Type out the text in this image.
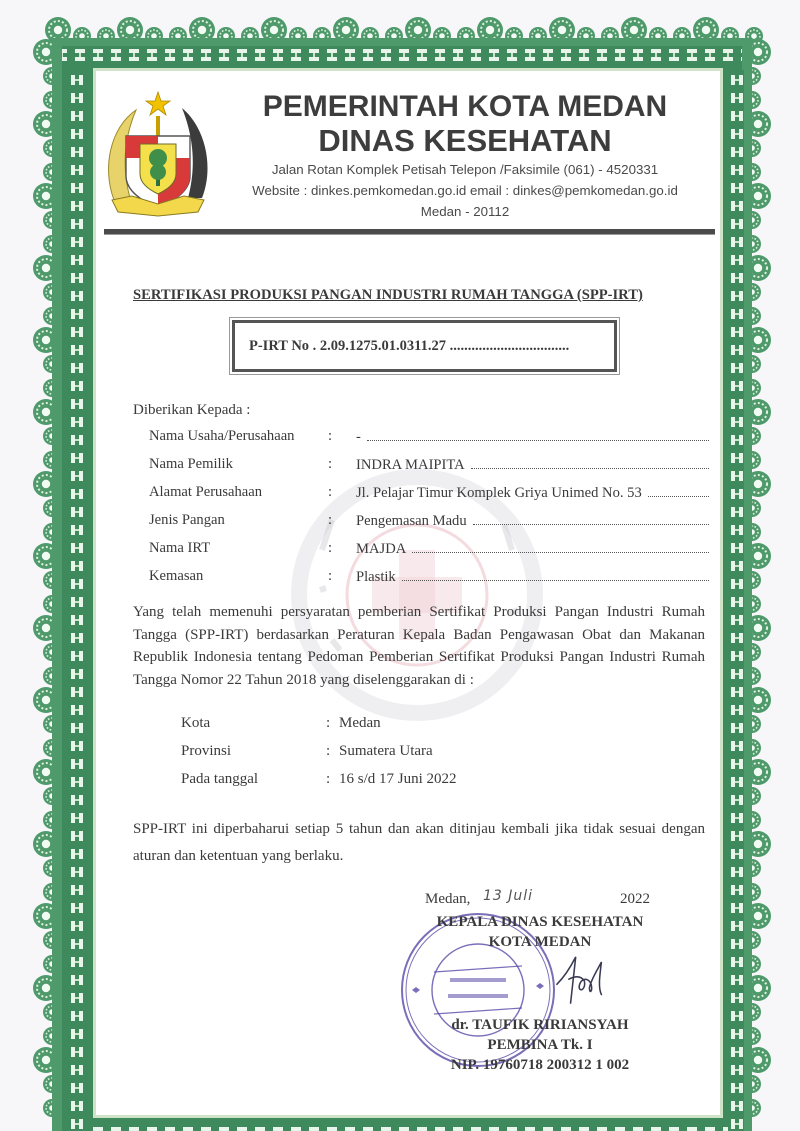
PEMERINTAH KOTA MEDAN
DINAS KESEHATAN
Jalan Rotan Komplek Petisah Telepon /Faksimile (061) - 4520331
Website : dinkes.pemkomedan.go.id email : dinkes@pemkomedan.go.id
Medan - 20112
SERTIFIKASI PRODUKSI PANGAN INDUSTRI RUMAH TANGGA (SPP-IRT)
P-IRT No . 2.09.1275.01.0311.27 .................................
Diberikan Kepada :
Nama Usaha/Perusahaan	:	-
Nama Pemilik	:	INDRA MAIPITA
Alamat Perusahaan	:	Jl. Pelajar Timur Komplek Griya Unimed No. 53
Jenis Pangan	:	Pengemasan Madu
Nama IRT	:	MAJDA
Kemasan	:	Plastik
Yang telah memenuhi persyaratan pemberian Sertifikat Produksi Pangan Industri Rumah Tangga (SPP-IRT) berdasarkan Peraturan Kepala Badan Pengawasan Obat dan Makanan Republik Indonesia tentang Pedoman Pemberian Sertifikat Produksi Pangan Industri Rumah Tangga Nomor 22 Tahun 2018 yang diselenggarakan di :
Kota	: Medan
Provinsi	: Sumatera Utara
Pada tanggal	: 16 s/d 17 Juni 2022
SPP-IRT ini diperbaharui setiap 5 tahun dan akan ditinjau kembali jika tidak sesuai dengan aturan dan ketentuan yang berlaku.
Medan, 13 Juli	2022
KEPALA DINAS KESEHATAN
KOTA MEDAN
dr. TAUFIK RIRIANSYAH
PEMBINA Tk. I
NIP. 19760718 200312 1 002
